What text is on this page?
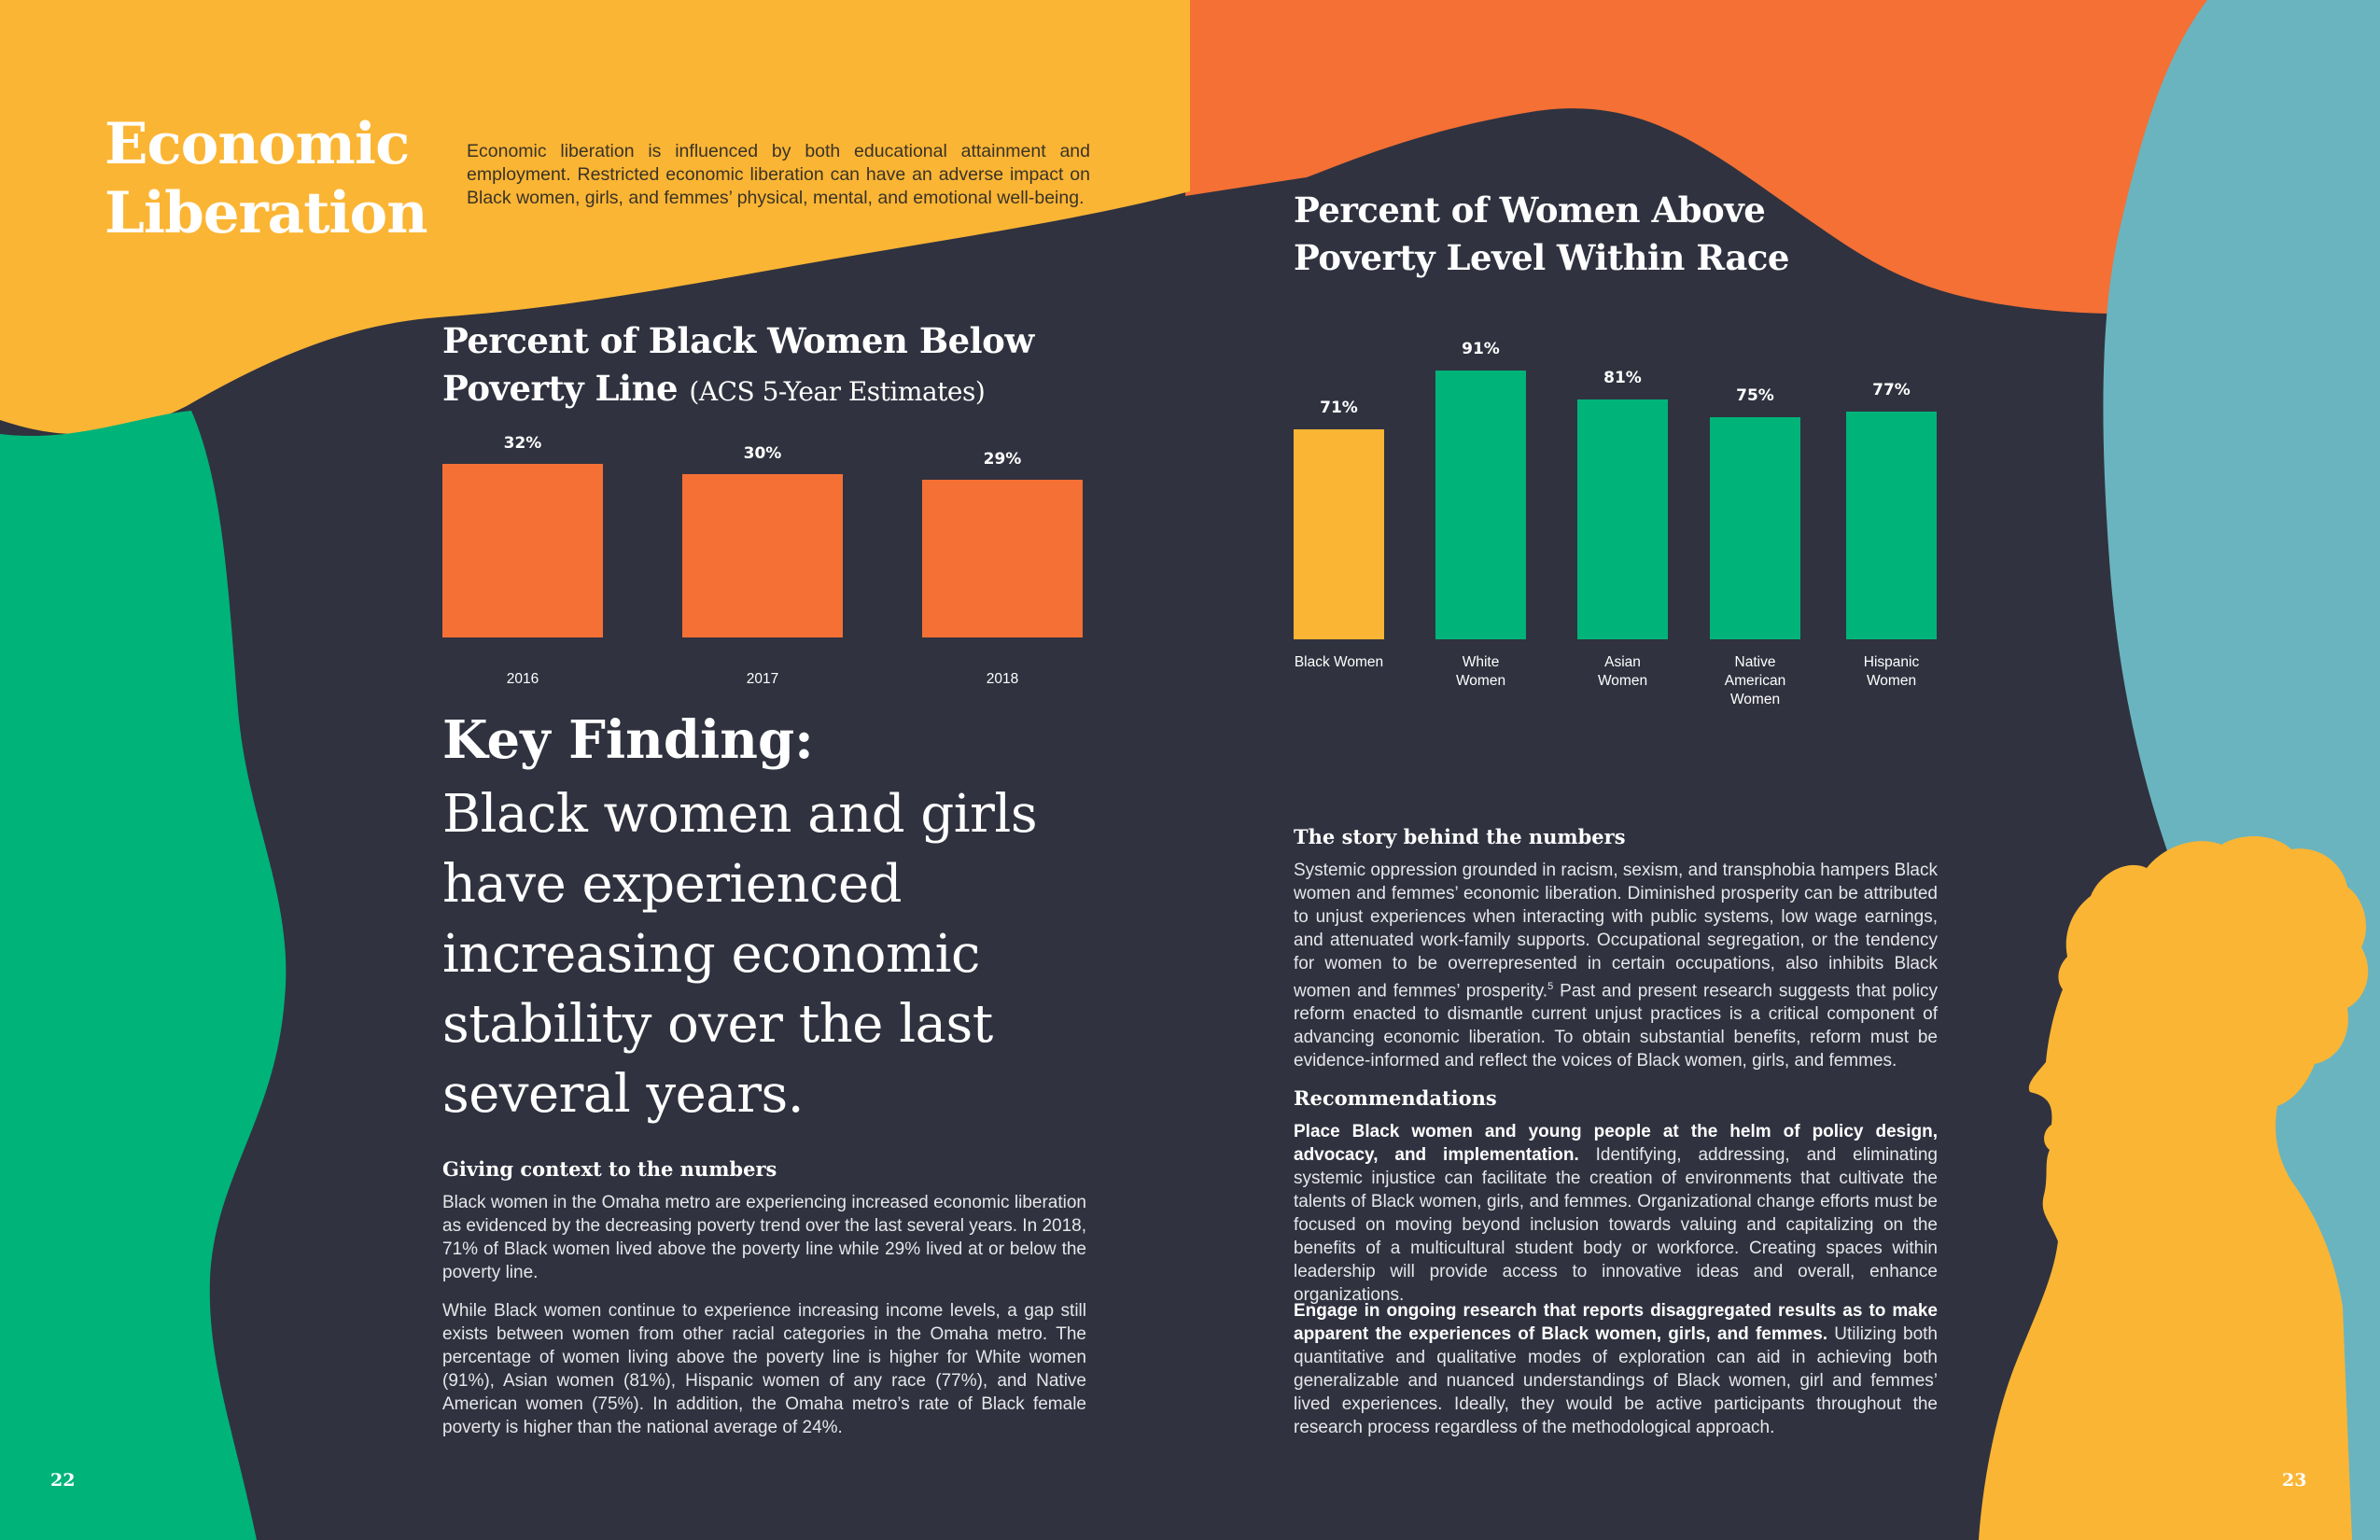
Economic
Liberation
Economic liberation is influenced by both educational attainment and employment. Restricted economic liberation can have an adverse impact on Black women, girls, and femmes’ physical, mental, and emotional well-being.
Percent of Black Women Below Poverty Line (ACS 5-Year Estimates)
32%
2016
30%
2017
29%
2018
Percent of Women Above Poverty Level Within Race
71%
Black Women
91%
White
Women
81%
Asian
Women
75%
Native
American
Women
77%
Hispanic
Women
Key Finding:
Black women and girls have experienced increasing economic stability over the last several years.
Giving context to the numbers
Black women in the Omaha metro are experiencing increased economic liberation as evidenced by the decreasing poverty trend over the last several years. In 2018, 71% of Black women lived above the poverty line while 29% lived at or below the poverty line.
While Black women continue to experience increasing income levels, a gap still exists between women from other racial categories in the Omaha metro. The percentage of women living above the poverty line is higher for White women (91%), Asian women (81%), Hispanic women of any race (77%), and Native American women (75%). In addition, the Omaha metro’s rate of Black female poverty is higher than the national average of 24%.
The story behind the numbers
Systemic oppression grounded in racism, sexism, and transphobia hampers Black women and femmes’ economic liberation. Diminished prosperity can be attributed to unjust experiences when interacting with public systems, low wage earnings, and attenuated work-family supports. Occupational segregation, or the tendency for women to be overrepresented in certain occupations, also inhibits Black women and femmes’ prosperity.$^5$ Past and present research suggests that policy reform enacted to dismantle current unjust practices is a critical component of advancing economic liberation. To obtain substantial benefits, reform must be evidence-informed and reflect the voices of Black women, girls, and femmes.
Recommendations
Place Black women and young people at the helm of policy design, advocacy, and implementation. Identifying, addressing, and eliminating systemic injustice can facilitate the creation of environments that cultivate the talents of Black women, girls, and femmes. Organizational change efforts must be focused on moving beyond inclusion towards valuing and capitalizing on the benefits of a multicultural student body or workforce. Creating spaces within leadership will provide access to innovative ideas and overall, enhance organizations.
Engage in ongoing research that reports disaggregated results as to make apparent the experiences of Black women, girls, and femmes. Utilizing both quantitative and qualitative modes of exploration can aid in achieving both generalizable and nuanced understandings of Black women, girl and femmes’ lived experiences. Ideally, they would be active participants throughout the research process regardless of the methodological approach.
22	23
